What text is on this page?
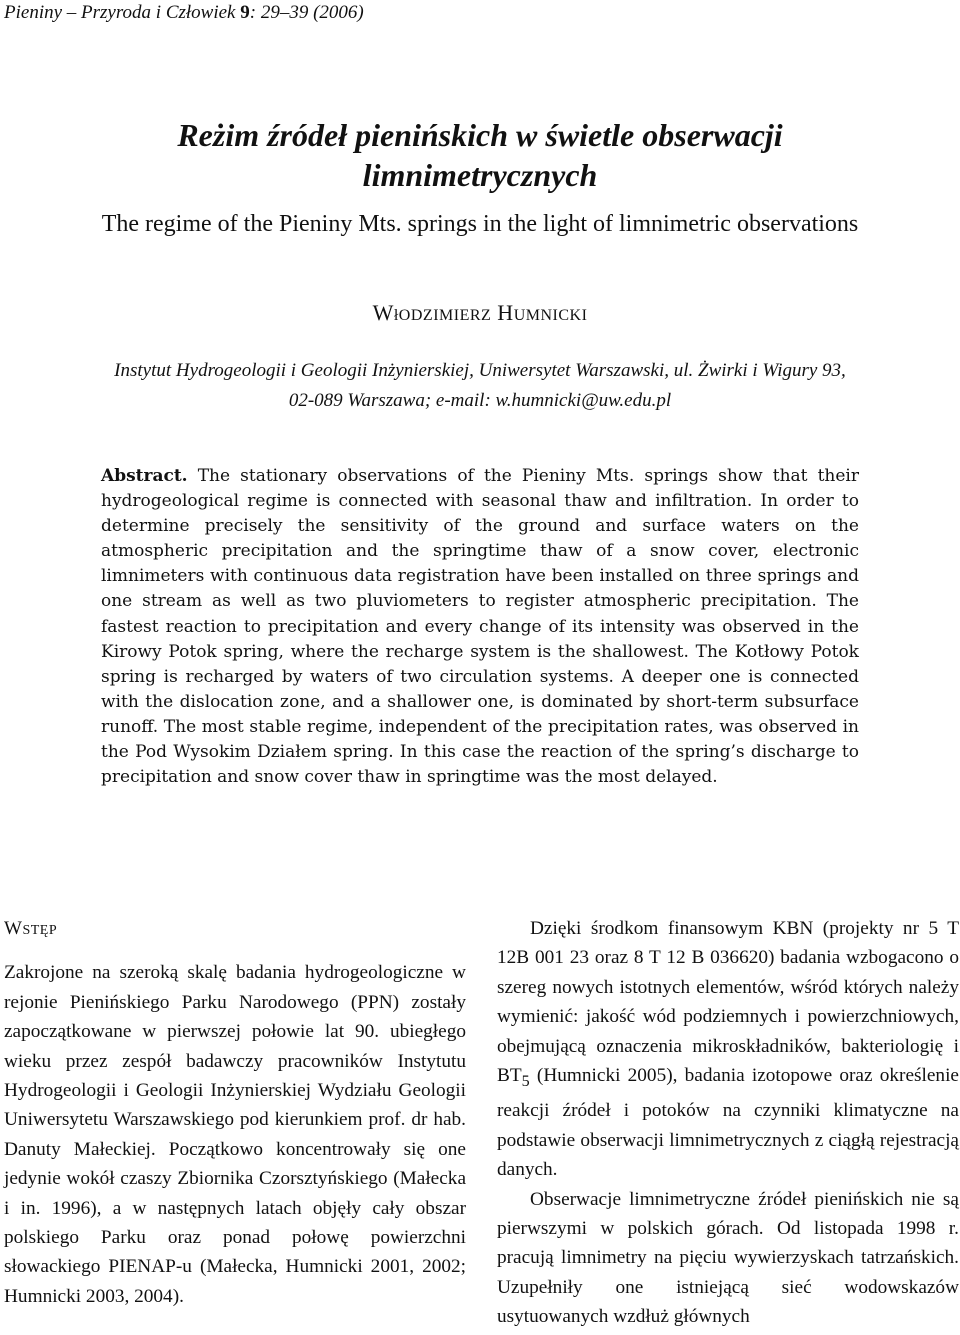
Pieniny – Przyroda i Człowiek 9: 29–39 (2006)
Reżim źródeł pienińskich w świetle obserwacji
limnimetrycznych
The regime of the Pieniny Mts. springs in the light of limnimetric observations
WłODZIMIERZ HUMNICKI
Instytut Hydrogeologii i Geologii Inżynierskiej, Uniwersytet Warszawski, ul. Żwirki i Wigury 93,
02-089 Warszawa; e-mail: w.humnicki@uw.edu.pl
Abstract. The stationary observations of the Pieniny Mts. springs show that their hydrogeological regime is connected with seasonal thaw and infiltration. In order to determine precisely the sensitivity of the ground and surface waters on the atmospheric precipitation and the springtime thaw of a snow cover, electronic limnimeters with continuous data registration have been installed on three springs and one stream as well as two pluviometers to register atmospheric precipitation. The fastest reaction to precipitation and every change of its intensity was observed in the Kirowy Potok spring, where the recharge system is the shallowest. The Kotłowy Potok spring is recharged by waters of two circulation systems. A deeper one is connected with the dislocation zone, and a shallower one, is dominated by short-term subsurface runoff. The most stable regime, independent of the precipitation rates, was observed in the Pod Wysokim Działem spring. In this case the reaction of the spring’s discharge to precipitation and snow cover thaw in springtime was the most delayed.
WSTĘP

Zakrojone na szeroką skalę badania hydrogeologiczne w rejonie Pienińskiego Parku Narodowego (PPN) zostały zapoczątkowane w pierwszej połowie lat 90. ubiegłego wieku przez zespół badawczy pracowników Instytutu Hydrogeologii i Geologii Inżynierskiej Wydziału Geologii Uniwersytetu Warszawskiego pod kierunkiem prof. dr hab. Danuty Małeckiej. Początkowo koncentrowały się one jedynie wokół czaszy Zbiornika Czorsztyńskiego (Małecka i in. 1996), a w następnych latach objęły cały obszar polskiego Parku oraz ponad połowę powierzchni słowackiego PIENAP-u (Małecka, Humnicki 2001, 2002; Humnicki 2003, 2004).

Dzięki środkom finansowym KBN (projekty nr 5 T 12B 001 23 oraz 8 T 12 B 036620) badania wzbogacono o szereg nowych istotnych elementów, wśród których należy wymienić: jakość wód podziemnych i powierzchniowych, obejmującą oznaczenia mikroskładników, bakteriologię i $BT_5$ (Humnicki 2005), badania izotopowe oraz określenie reakcji źródeł i potoków na czynniki klimatyczne na podstawie obserwacji limnimetrycznych z ciągłą rejestracją danych.

Obserwacje limnimetryczne źródeł pienińskich nie są pierwszymi w polskich górach. Od listopada 1998 r. pracują limnimetry na pięciu wywierzyskach tatrzańskich. Uzupełniły one istniejącą sieć wodowskazów usytuowanych wzdłuż głównych
